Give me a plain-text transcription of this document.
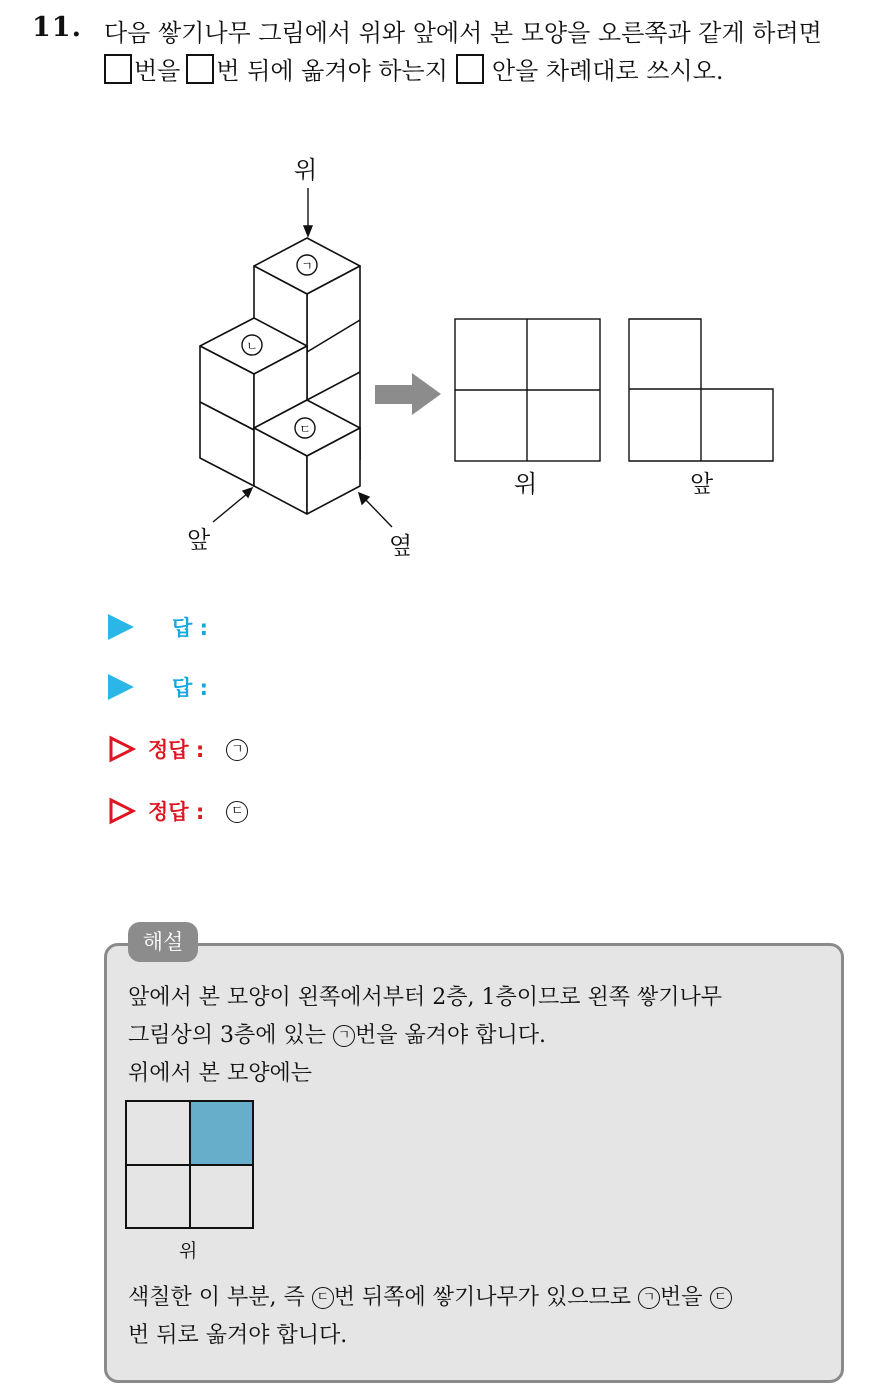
11. 다음 쌓기나무 그림에서 위와 앞에서 본 모양을 오른쪽과 같게 하려면
번을 번 뒤에 옮겨야 하는지 안을 차례대로 쓰시오.
ㄱ
ㄴ
ㄷ
위
앞	옆
위	앞
답 :
답 :
정답 :	ㄱ
정답 :	ㄷ
해설
앞에서 본 모양이 왼쪽에서부터 2층, 1층이므로 왼쪽 쌓기나무
그림상의 3층에 있는 ㄱ 번을 옮겨야 합니다.
위에서 본 모양에는
위
색칠한 이 부분, 즉 ㄷ 번 뒤쪽에 쌓기나무가 있으므로 ㄱ 번을 ㄷ
번 뒤로 옮겨야 합니다.
